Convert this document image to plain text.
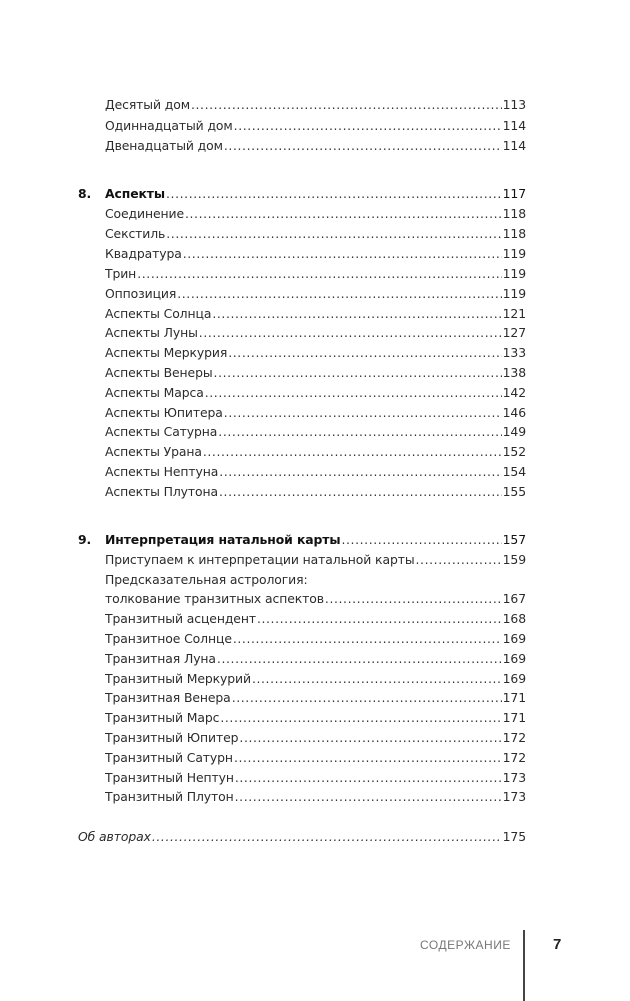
Десятый дом .....	113
Одиннадцатый дом .....	114
Двенадцатый дом .....	114
8.	Аспекты .....	117
Соединение .....	118
Секстиль .....	118
Квадратура .....	119
Трин .....	119
Оппозиция .....	119
Аспекты Солнца .....	121
Аспекты Луны .....	127
Аспекты Меркурия .....	133
Аспекты Венеры .....	138
Аспекты Марса .....	142
Аспекты Юпитера .....	146
Аспекты Сатурна .....	149
Аспекты Урана .....	152
Аспекты Нептуна .....	154
Аспекты Плутона .....	155
9.	Интерпретация натальной карты .....	157
Приступаем к интерпретации натальной карты .....	159
Предсказательная астрология:
толкование транзитных аспектов .....	167
Транзитный асцендент .....	168
Транзитное Солнце .....	169
Транзитная Луна .....	169
Транзитный Меркурий .....	169
Транзитная Венера .....	171
Транзитный Марс .....	171
Транзитный Юпитер .....	172
Транзитный Сатурн .....	172
Транзитный Нептун .....	173
Транзитный Плутон .....	173
Об авторах .....	175
СОДЕРЖАНИЕ	7
